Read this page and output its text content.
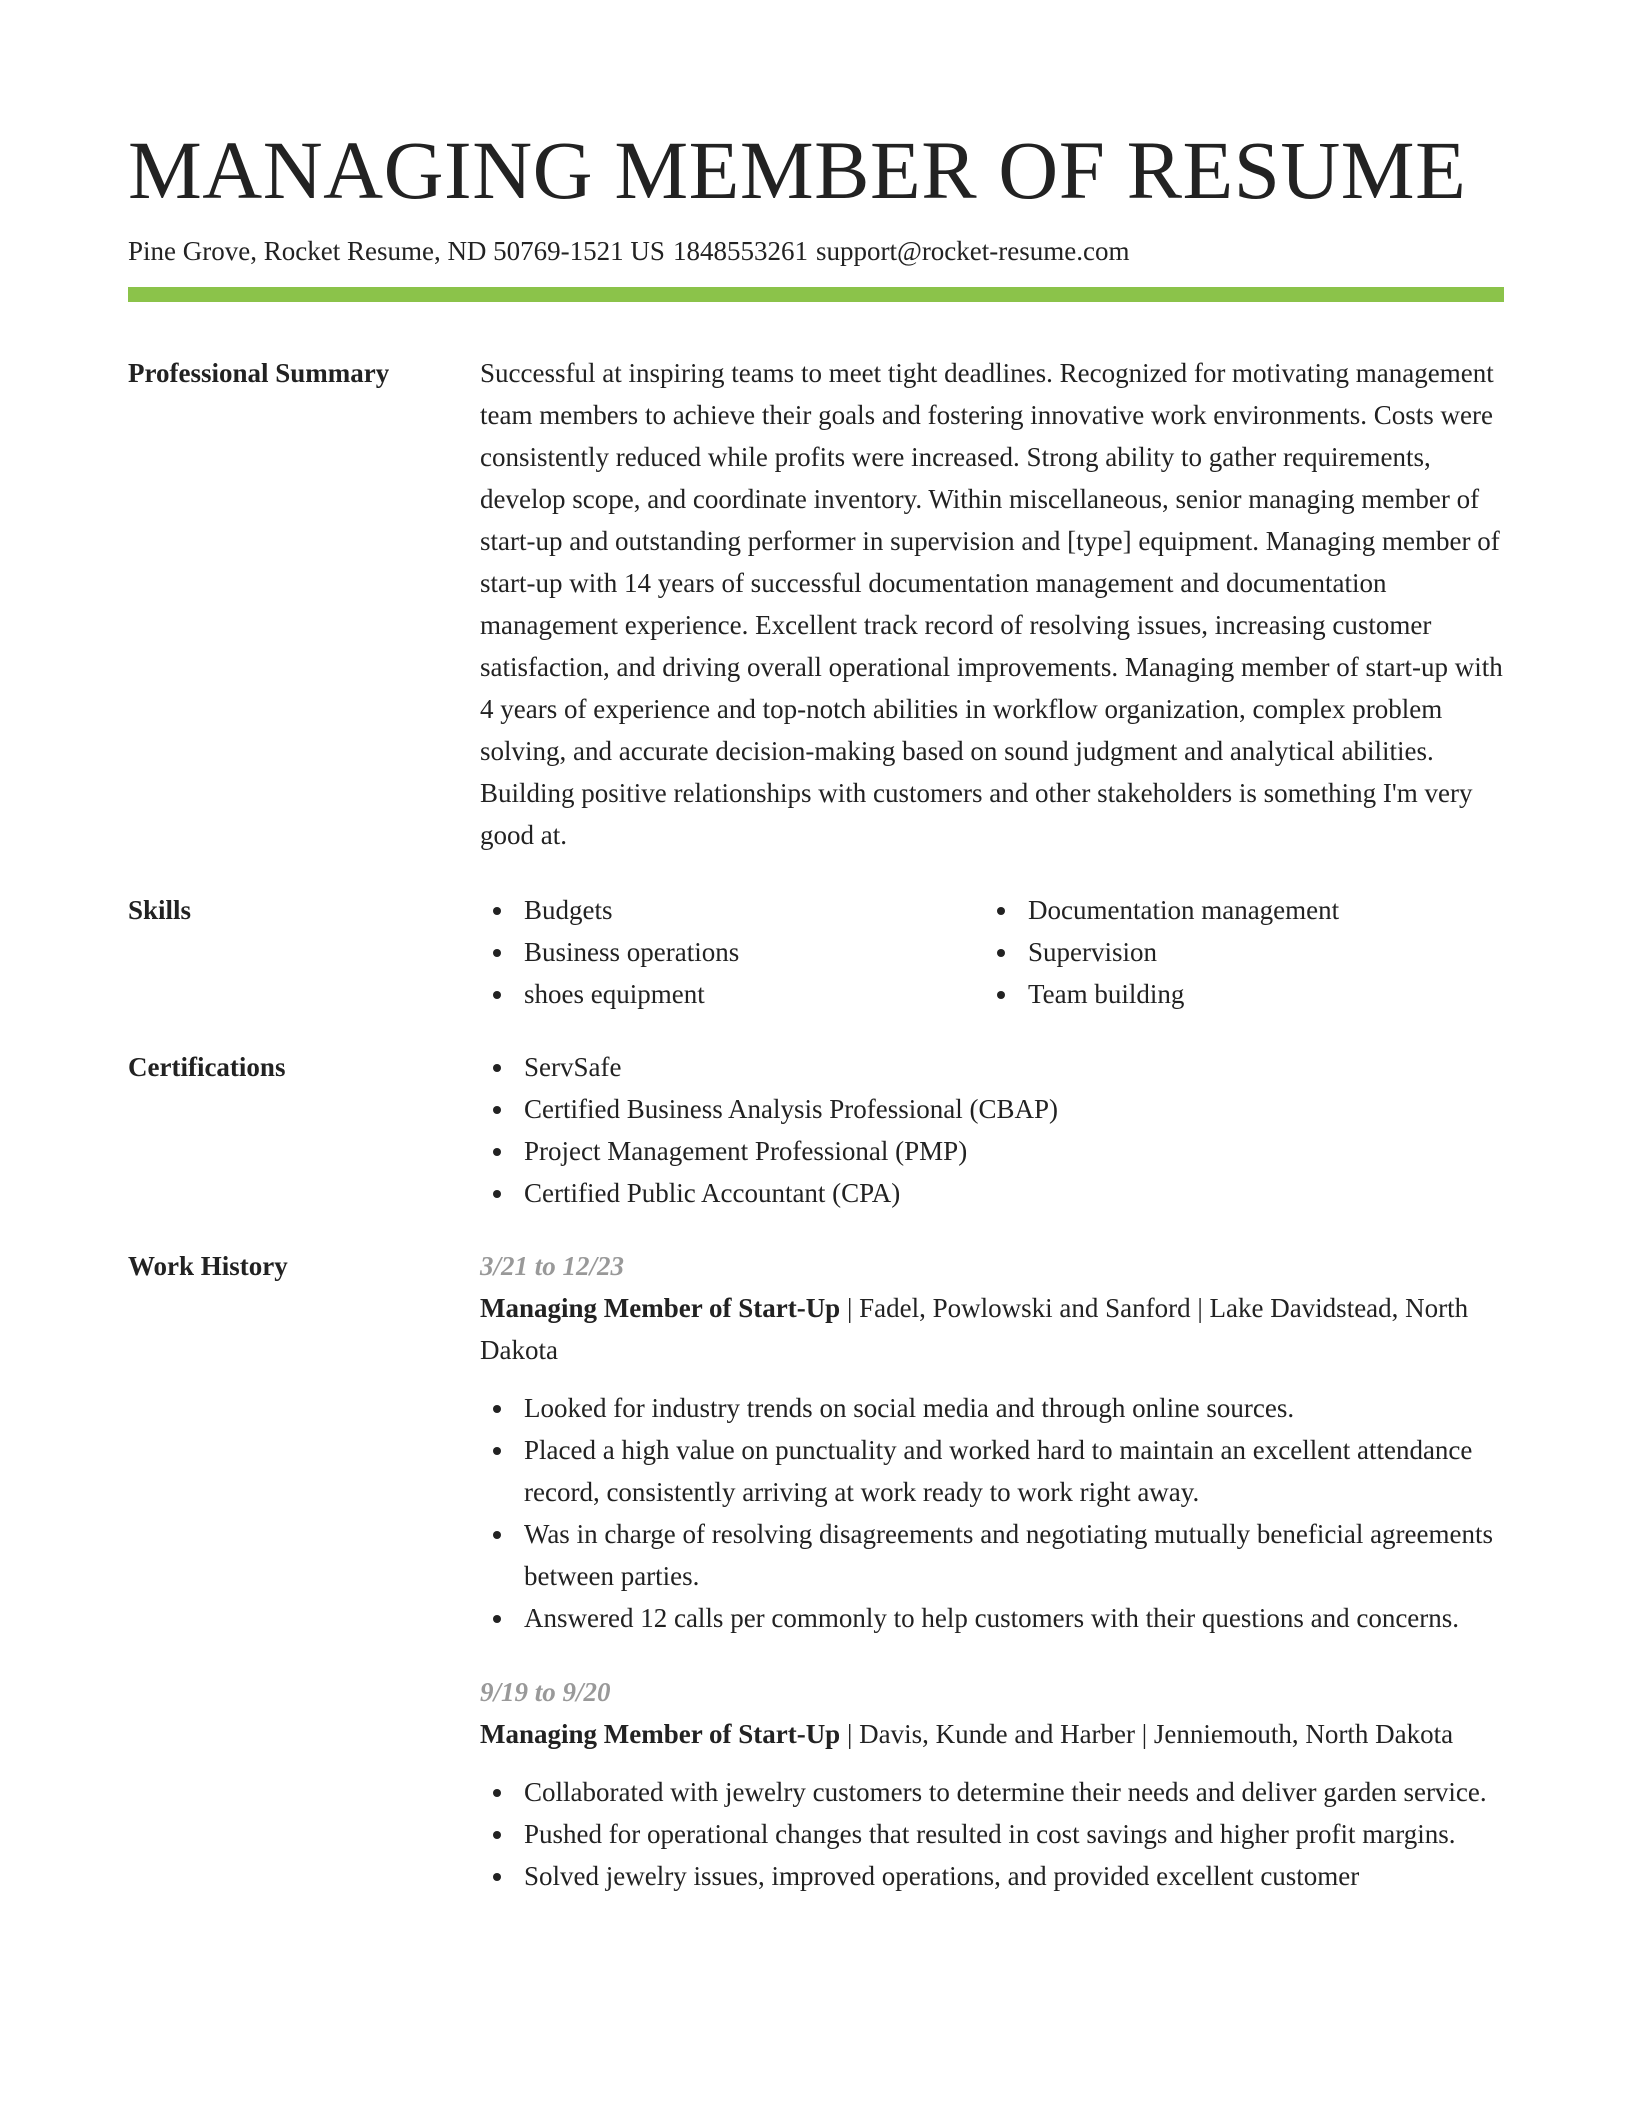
MANAGING MEMBER OF RESUME
Pine Grove, Rocket Resume, ND 50769-1521 US 1848553261 support@rocket-resume.com
Professional Summary	Successful at inspiring teams to meet tight deadlines. Recognized for motivating management team members to achieve their goals and fostering innovative work environments. Costs were consistently reduced while profits were increased. Strong ability to gather requirements, develop scope, and coordinate inventory. Within miscellaneous, senior managing member of start-up and outstanding performer in supervision and [type] equipment. Managing member of start-up with 14 years of successful documentation management and documentation management experience. Excellent track record of resolving issues, increasing customer satisfaction, and driving overall operational improvements. Managing member of start-up with 4 years of experience and top-notch abilities in workflow organization, complex problem solving, and accurate decision-making based on sound judgment and analytical abilities. Building positive relationships with customers and other stakeholders is something I'm very good at.

Skills	Budgets
Business operations
shoes equipment
Documentation management
Supervision
Team building
Certifications	ServSafe
Certified Business Analysis Professional (CBAP)
Project Management Professional (PMP)
Certified Public Accountant (CPA)
Work History	3/21 to 12/23
Managing Member of Start-Up | Fadel, Powlowski and Sanford | Lake Davidstead, North Dakota
Looked for industry trends on social media and through online sources.
Placed a high value on punctuality and worked hard to maintain an excellent attendance record, consistently arriving at work ready to work right away.
Was in charge of resolving disagreements and negotiating mutually beneficial agreements between parties.
Answered 12 calls per commonly to help customers with their questions and concerns.
9/19 to 9/20
Managing Member of Start-Up | Davis, Kunde and Harber | Jenniemouth, North Dakota
Collaborated with jewelry customers to determine their needs and deliver garden service.
Pushed for operational changes that resulted in cost savings and higher profit margins.
Solved jewelry issues, improved operations, and provided excellent customer
